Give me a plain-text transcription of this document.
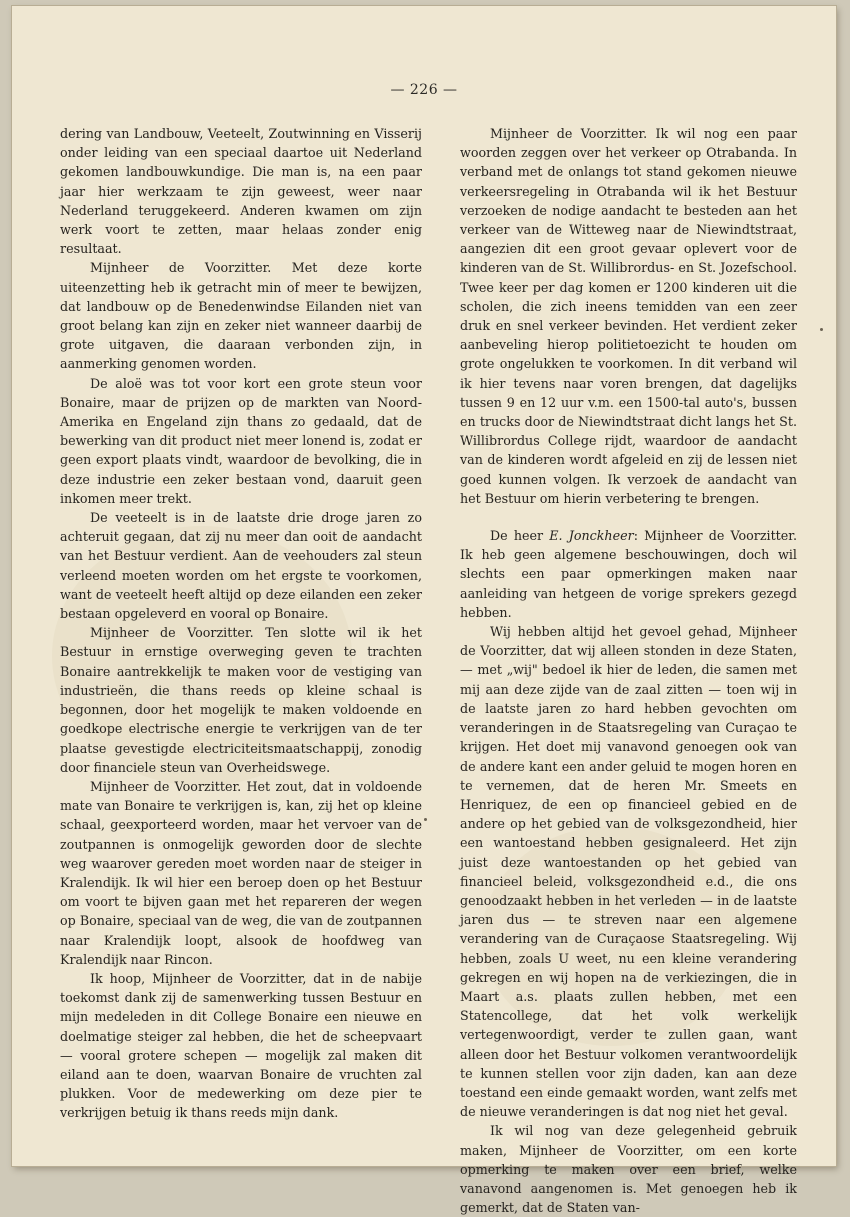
— 226 —

dering van Landbouw, Veeteelt, Zoutwinning en Visserij onder leiding van een speciaal daartoe uit Nederland gekomen landbouwkundige. Die man is, na een paar jaar hier werkzaam te zijn geweest, weer naar Nederland teruggekeerd. Anderen kwamen om zijn werk voort te zetten, maar helaas zonder enig resultaat.

Mijnheer de Voorzitter. Met deze korte uiteenzetting heb ik getracht min of meer te bewijzen, dat landbouw op de Benedenwindse Eilanden niet van groot belang kan zijn en zeker niet wanneer daarbij de grote uitgaven, die daaraan verbonden zijn, in aanmerking genomen worden.

De aloë was tot voor kort een grote steun voor Bonaire, maar de prijzen op de markten van Noord-Amerika en Engeland zijn thans zo gedaald, dat de bewerking van dit product niet meer lonend is, zodat er geen export plaats vindt, waardoor de bevolking, die in deze industrie een zeker bestaan vond, daaruit geen inkomen meer trekt.

De veeteelt is in de laatste drie droge jaren zo achteruit gegaan, dat zij nu meer dan ooit de aandacht van het Bestuur verdient. Aan de veehouders zal steun verleend moeten worden om het ergste te voorkomen, want de veeteelt heeft altijd op deze eilanden een zeker bestaan opgeleverd en vooral op Bonaire.

Mijnheer de Voorzitter. Ten slotte wil ik het Bestuur in ernstige overweging geven te trachten Bonaire aantrekkelijk te maken voor de vestiging van industrieën, die thans reeds op kleine schaal is begonnen, door het mogelijk te maken voldoende en goedkope electrische energie te verkrijgen van de ter plaatse gevestigde electriciteitsmaatschappij, zonodig door financiele steun van Overheidswege.

Mijnheer de Voorzitter. Het zout, dat in voldoende mate van Bonaire te verkrijgen is, kan, zij het op kleine schaal, geexporteerd worden, maar het vervoer van de zoutpannen is onmogelijk geworden door de slechte weg waarover gereden moet worden naar de steiger in Kralendijk. Ik wil hier een beroep doen op het Bestuur om voort te bijven gaan met het repareren der wegen op Bonaire, speciaal van de weg, die van de zoutpannen naar Kralendijk loopt, alsook de hoofdweg van Kralendijk naar Rincon.

Ik hoop, Mijnheer de Voorzitter, dat in de nabije toekomst dank zij de samenwerking tussen Bestuur en mijn medeleden in dit College Bonaire een nieuwe en doelmatige steiger zal hebben, die het de scheepvaart — vooral grotere schepen — mogelijk zal maken dit eiland aan te doen, waarvan Bonaire de vruchten zal plukken. Voor de medewerking om deze pier te verkrijgen betuig ik thans reeds mijn dank.

Mijnheer de Voorzitter. Ik wil nog een paar woorden zeggen over het verkeer op Otrabanda. In verband met de onlangs tot stand gekomen nieuwe verkeersregeling in Otrabanda wil ik het Bestuur verzoeken de nodige aandacht te besteden aan het verkeer van de Witteweg naar de Niewindtstraat, aangezien dit een groot gevaar oplevert voor de kinderen van de St. Willibrordus- en St. Jozefschool. Twee keer per dag komen er 1200 kinderen uit die scholen, die zich ineens temidden van een zeer druk en snel verkeer bevinden. Het verdient zeker aanbeveling hierop politietoezicht te houden om grote ongelukken te voorkomen. In dit verband wil ik hier tevens naar voren brengen, dat dagelijks tussen 9 en 12 uur v.m. een 1500-tal auto's, bussen en trucks door de Niewindtstraat dicht langs het St. Willibrordus College rijdt, waardoor de aandacht van de kinderen wordt afgeleid en zij de lessen niet goed kunnen volgen. Ik verzoek de aandacht van het Bestuur om hierin verbetering te brengen.

De heer E. Jonckheer: Mijnheer de Voorzitter. Ik heb geen algemene beschouwingen, doch wil slechts een paar opmerkingen maken naar aanleiding van hetgeen de vorige sprekers gezegd hebben.

Wij hebben altijd het gevoel gehad, Mijnheer de Voorzitter, dat wij alleen stonden in deze Staten, — met „wij" bedoel ik hier de leden, die samen met mij aan deze zijde van de zaal zitten — toen wij in de laatste jaren zo hard hebben gevochten om veranderingen in de Staatsregeling van Curaçao te krijgen. Het doet mij vanavond genoegen ook van de andere kant een ander geluid te mogen horen en te vernemen, dat de heren Mr. Smeets en Henriquez, de een op financieel gebied en de andere op het gebied van de volksgezondheid, hier een wantoestand hebben gesignaleerd. Het zijn juist deze wantoestanden op het gebied van financieel beleid, volksgezondheid e.d., die ons genoodzaakt hebben in het verleden — in de laatste jaren dus — te streven naar een algemene verandering van de Curaçaose Staatsregeling. Wij hebben, zoals U weet, nu een kleine verandering gekregen en wij hopen na de verkiezingen, die in Maart a.s. plaats zullen hebben, met een Statencollege, dat het volk werkelijk vertegenwoordigt, verder te zullen gaan, want alleen door het Bestuur volkomen verantwoordelijk te kunnen stellen voor zijn daden, kan aan deze toestand een einde gemaakt worden, want zelfs met de nieuwe veranderingen is dat nog niet het geval.

Ik wil nog van deze gelegenheid gebruik maken, Mijnheer de Voorzitter, om een korte opmerking te maken over een brief, welke vanavond aangenomen is. Met genoegen heb ik gemerkt, dat de Staten van-
